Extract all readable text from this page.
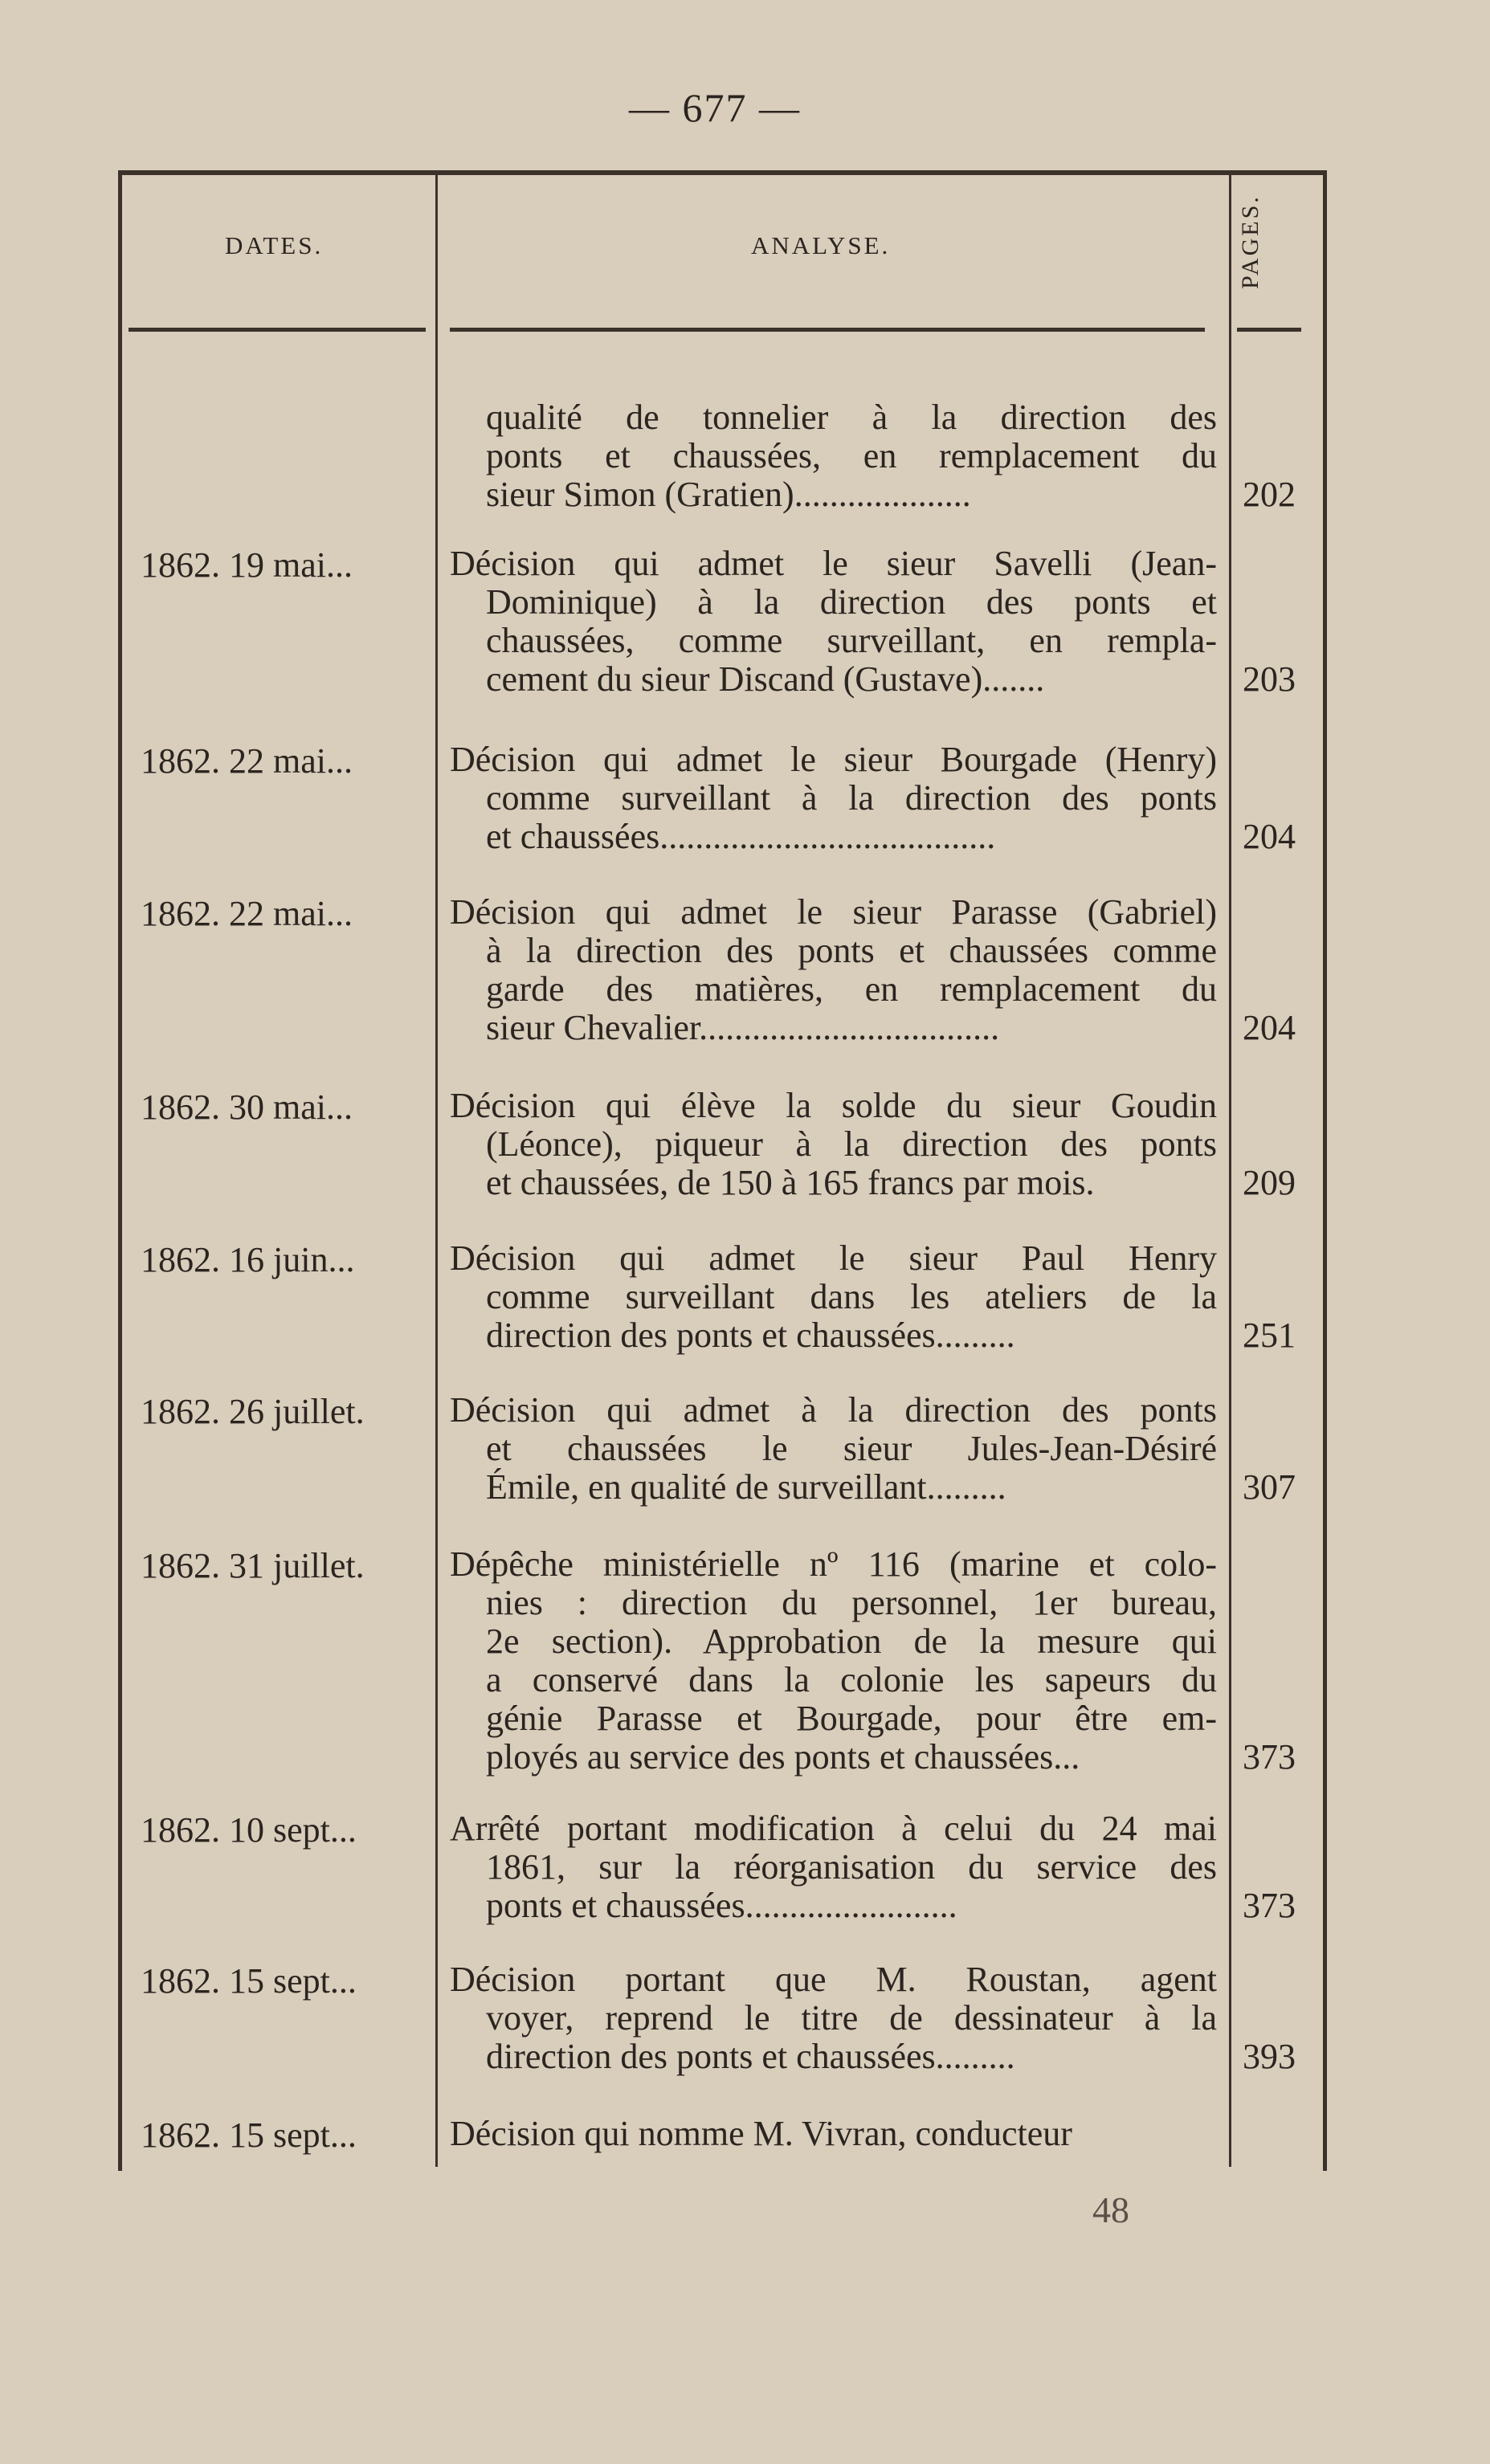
— 677 —
DATES.	ANALYSE.	PAGES.
qualité de tonnelier à la direction des
ponts et chaussées, en remplacement du
sieur Simon (Gratien)....................	202
1862. 19 mai...	Décision qui admet le sieur Savelli (Jean-
Dominique) à la direction des ponts et
chaussées, comme surveillant, en rempla-
cement du sieur Discand (Gustave).......	203
1862. 22 mai...	Décision qui admet le sieur Bourgade (Henry)
comme surveillant à la direction des ponts
et chaussées......................................	204
1862. 22 mai...	Décision qui admet le sieur Parasse (Gabriel)
à la direction des ponts et chaussées comme
garde des matières, en remplacement du
sieur Chevalier..................................	204
1862. 30 mai...	Décision qui élève la solde du sieur Goudin
(Léonce), piqueur à la direction des ponts
et chaussées, de 150 à 165 francs par mois.	209
1862. 16 juin...	Décision qui admet le sieur Paul Henry
comme surveillant dans les ateliers de la
direction des ponts et chaussées.........	251
1862. 26 juillet.	Décision qui admet à la direction des ponts
et chaussées le sieur Jules-Jean-Désiré
Émile, en qualité de surveillant.........	307
1862. 31 juillet.	Dépêche ministérielle nº 116 (marine et colo-
nies : direction du personnel, 1er bureau,
2e section). Approbation de la mesure qui
a conservé dans la colonie les sapeurs du
génie Parasse et Bourgade, pour être em-
ployés au service des ponts et chaussées...	373
1862. 10 sept...	Arrêté portant modification à celui du 24 mai
1861, sur la réorganisation du service des
ponts et chaussées........................	373
1862. 15 sept...	Décision portant que M. Roustan, agent
voyer, reprend le titre de dessinateur à la
direction des ponts et chaussées.........	393
1862. 15 sept...	Décision qui nomme M. Vivran, conducteur
48
